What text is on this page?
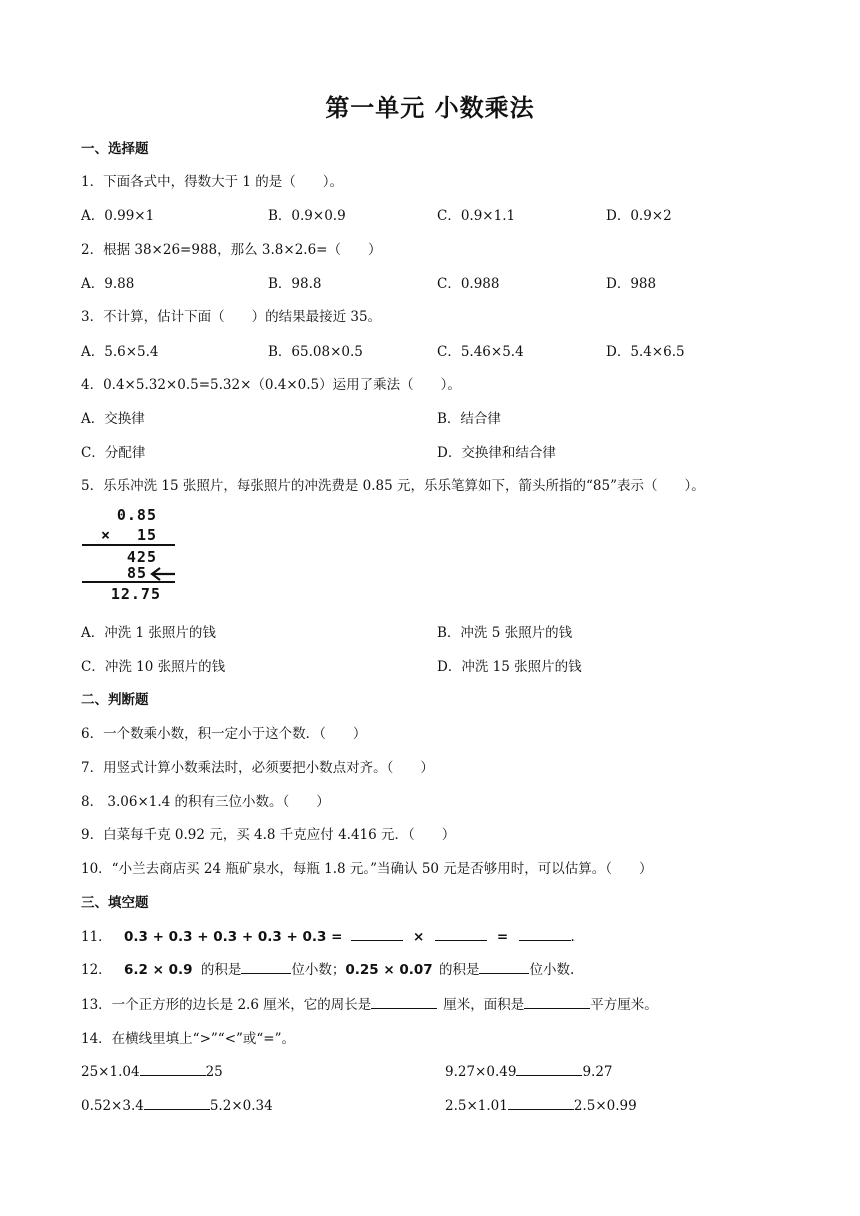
第一单元 小数乘法
一、选择题
1．下面各式中，得数大于 1 的是（　　）。
A．0.99×1	B．0.9×0.9	C．0.9×1.1	D．0.9×2
2．根据 38×26=988，那么 3.8×2.6=（　　）
A．9.88	B．98.8	C．0.988	D．988
3．不计算，估计下面（　　）的结果最接近 35。
A．5.6×5.4	B．65.08×0.5	C．5.46×5.4	D．5.4×6.5
4．0.4×5.32×0.5=5.32×（0.4×0.5）运用了乘法（　　）。
A．交换律	B．结合律
C．分配律	D．交换律和结合律
5．乐乐冲洗 15 张照片，每张照片的冲洗费是 0.85 元，乐乐笔算如下，箭头所指的“85”表示（　　）。
0.85
× 15
425
85
12.75
A．冲洗 1 张照片的钱	B．冲洗 5 张照片的钱
C．冲洗 10 张照片的钱	D．冲洗 15 张照片的钱
二、判断题
6．一个数乘小数，积一定小于这个数．（　　）
7．用竖式计算小数乘法时，必须要把小数点对齐。（　　）
8． 3.06×1.4 的积有三位小数。（　　）
9．白菜每千克 0.92 元，买 4.8 千克应付 4.416 元．（　　）
10．“小兰去商店买 24 瓶矿泉水，每瓶 1.8 元。”当确认 50 元是否够用时，可以估算。（　　）
三、填空题
11． 0.3 + 0.3 + 0.3 + 0.3 + 0.3 =	×	=	.
12． 6.2 × 0.9 的积是	位小数；0.25 × 0.07 的积是	位小数.
13．一个正方形的边长是 2.6 厘米，它的周长是	厘米，面积是	平方厘米。
14．在横线里填上“>”“<”或“=”。
25×1.04	25	9.27×0.49	9.27
0.52×3.4	5.2×0.34	2.5×1.01	2.5×0.99
